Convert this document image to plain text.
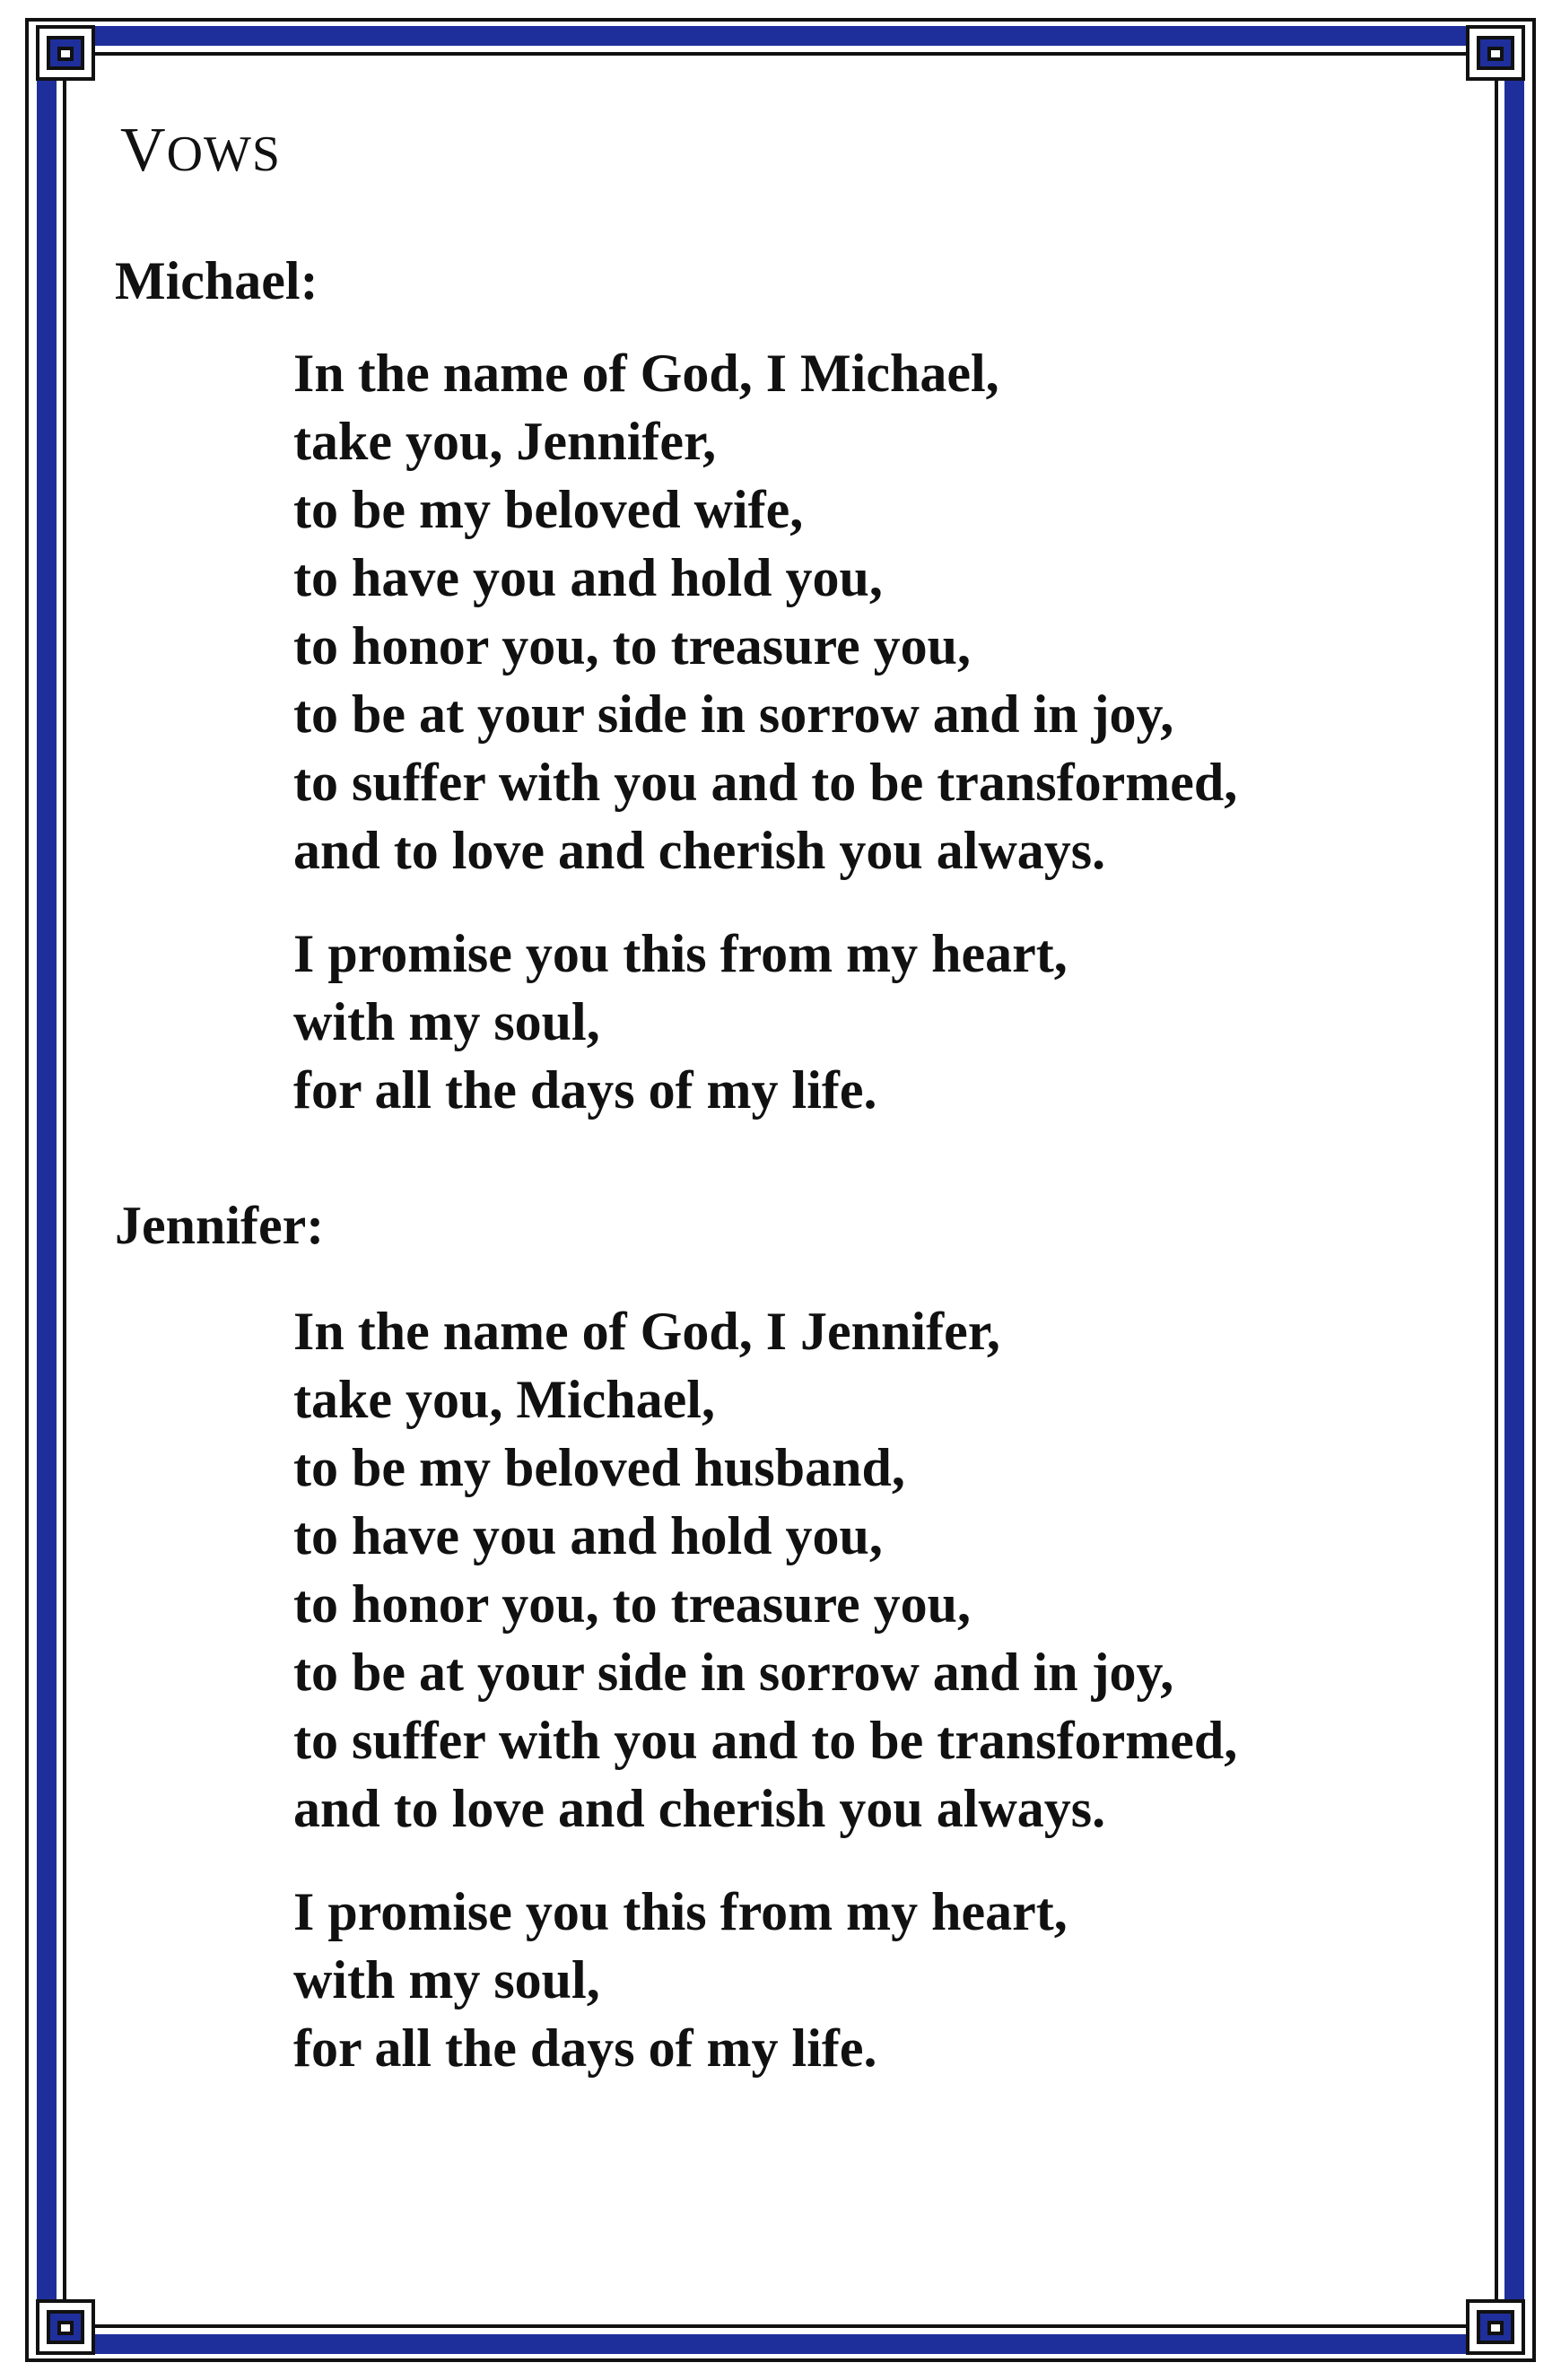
VOWS

Michael:

In the name of God, I Michael,
take you, Jennifer,
to be my beloved wife,
to have you and hold you,
to honor you, to treasure you,
to be at your side in sorrow and in joy,
to suffer with you and to be transformed,
and to love and cherish you always.
I promise you this from my heart,
with my soul,
for all the days of my life.

Jennifer:

In the name of God, I Jennifer,
take you, Michael,
to be my beloved husband,
to have you and hold you,
to honor you, to treasure you,
to be at your side in sorrow and in joy,
to suffer with you and to be transformed,
and to love and cherish you always.
I promise you this from my heart,
with my soul,
for all the days of my life.
